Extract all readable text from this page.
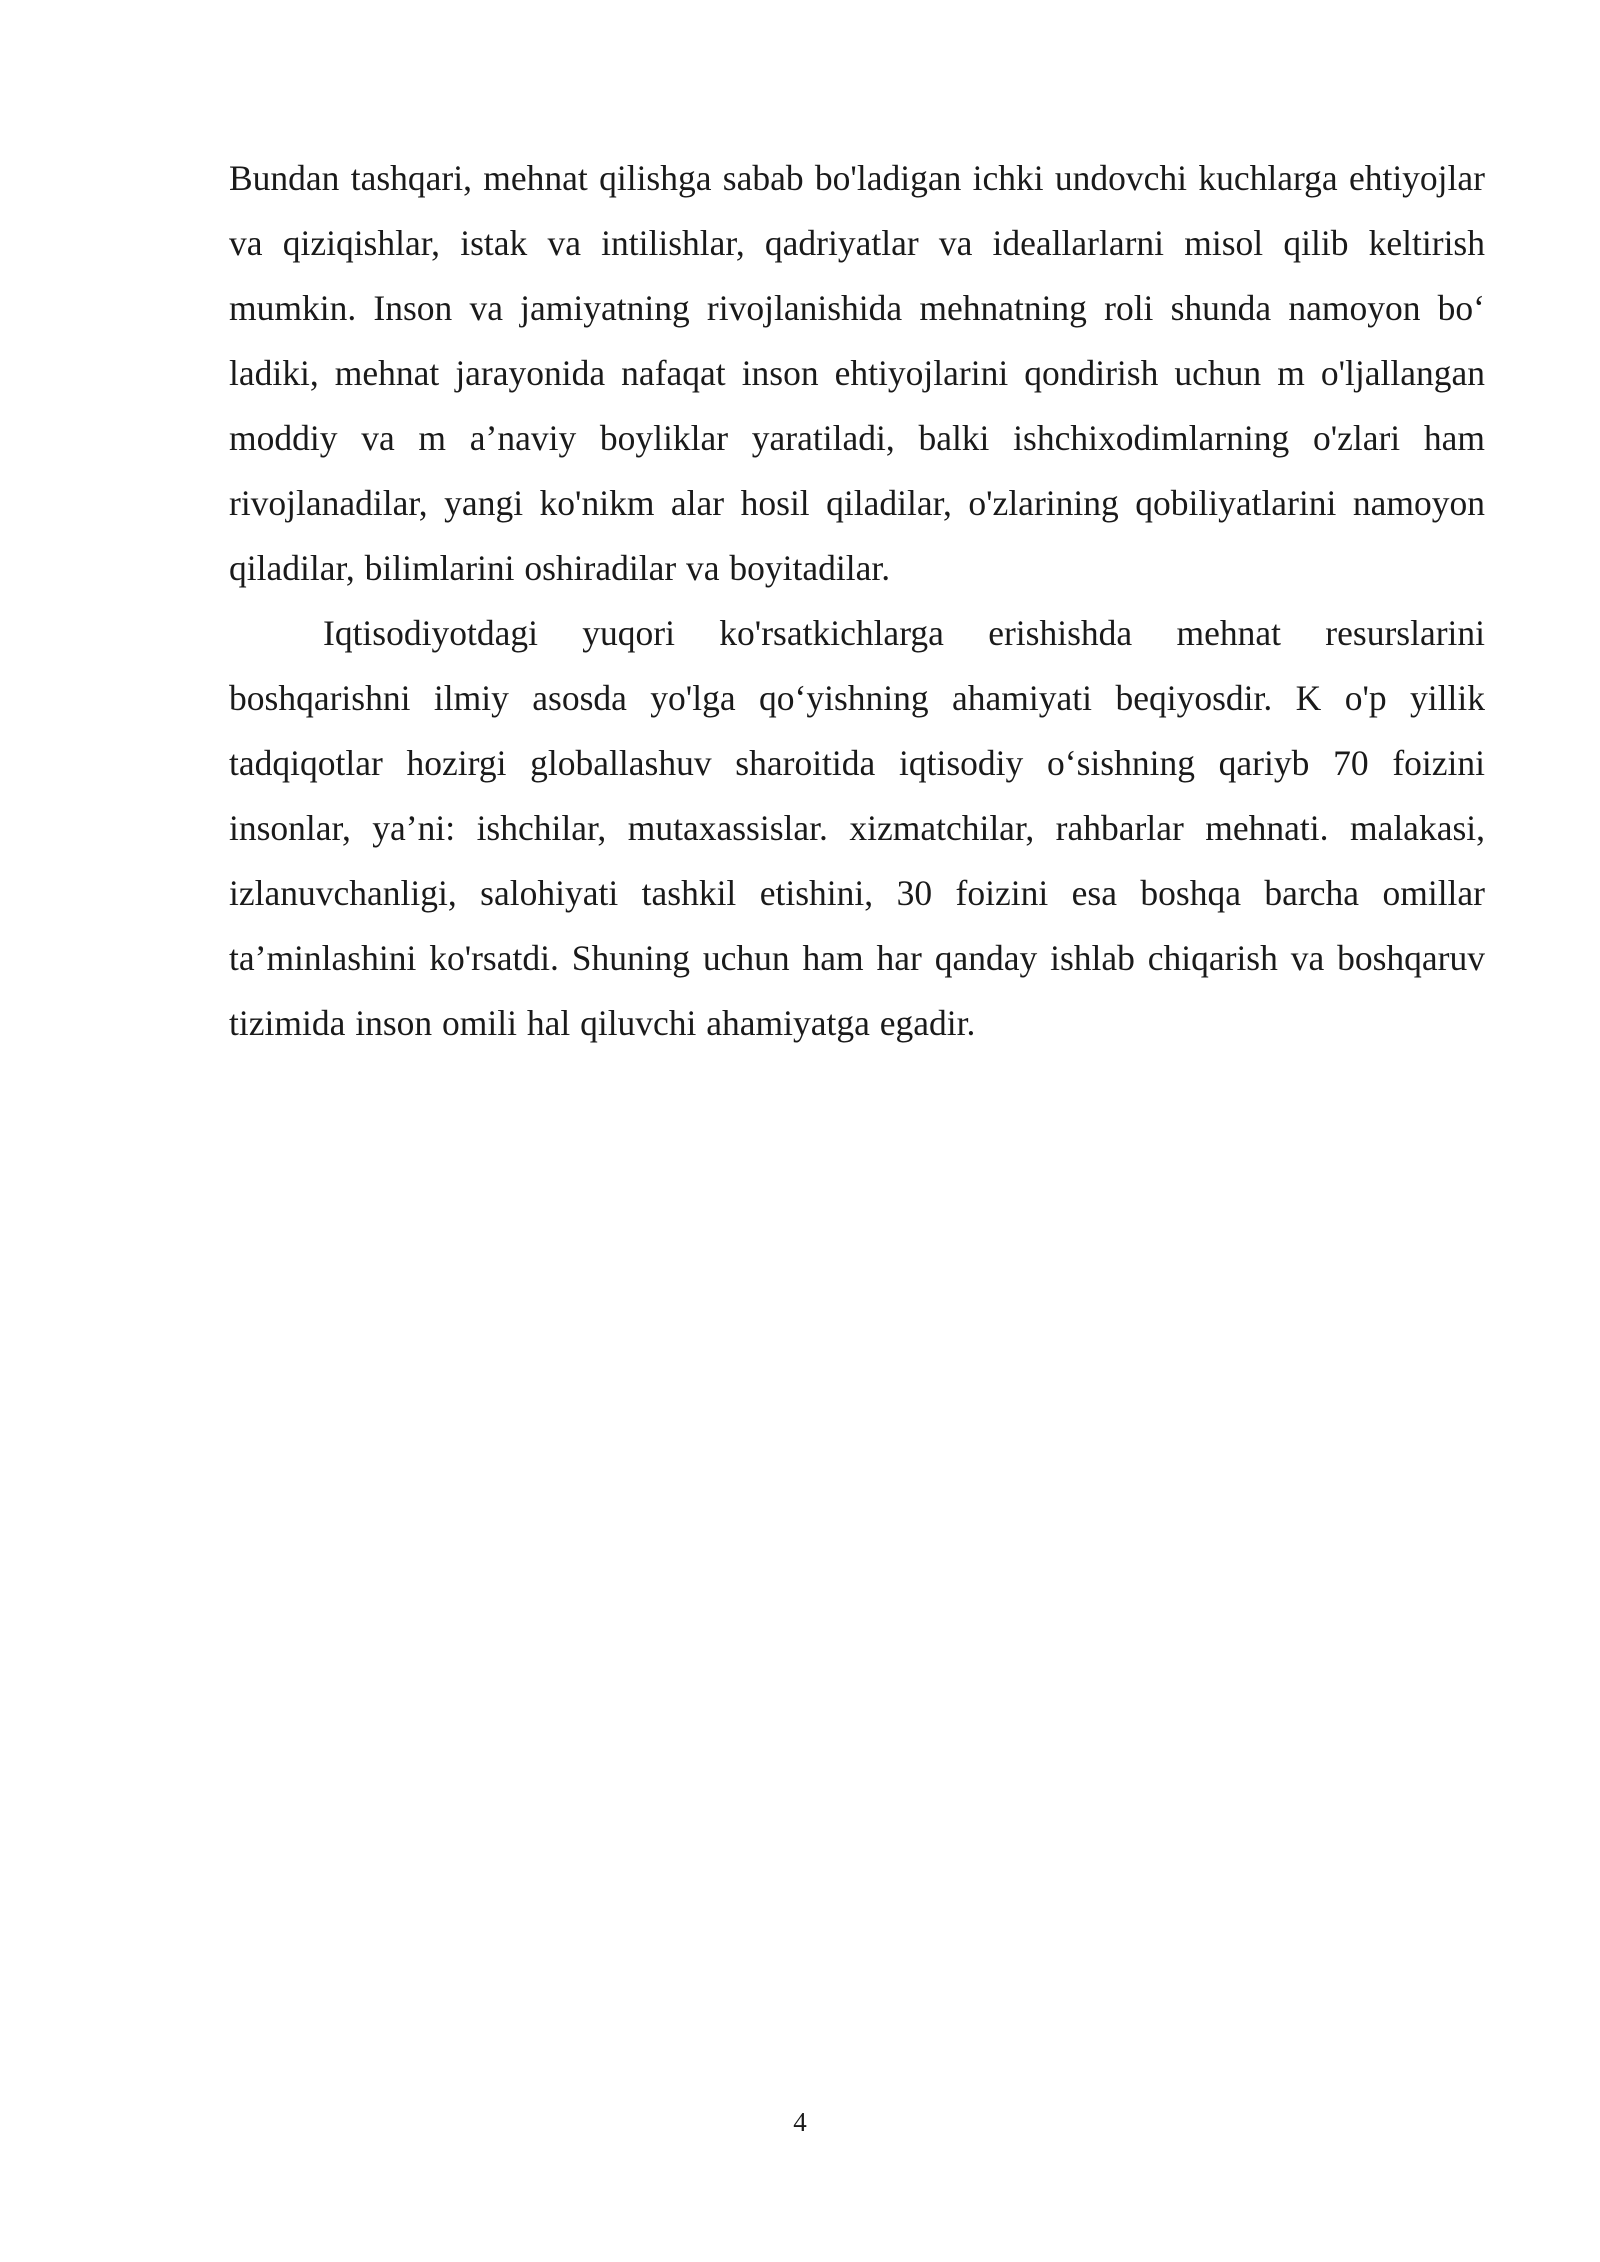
Bundan tashqari, mehnat qilishga sabab bo'ladigan ichki undovchi kuchlarga ehtiyojlar va qiziqishlar, istak va intilishlar, qadriyatlar va ideallarlarni misol qilib keltirish mumkin. Inson va jamiyatning rivojlanishida mehnatning roli shunda namoyon bo‘ ladiki, mehnat jarayonida nafaqat inson ehtiyojlarini qondirish uchun m o'ljallangan moddiy va m a’naviy boyliklar yaratiladi, balki ishchixodimlarning o'zlari ham rivojlanadilar, yangi ko'nikm alar hosil qiladilar, o'zlarining qobiliyatlarini namoyon qiladilar, bilimlarini oshiradilar va boyitadilar.

Iqtisodiyotdagi yuqori ko'rsatkichlarga erishishda mehnat resurslarini boshqarishni ilmiy asosda yo'lga qo‘yishning ahamiyati beqiyosdir. K o'p yillik tadqiqotlar hozirgi globallashuv sharoitida iqtisodiy o‘sishning qariyb 70 foizini insonlar, ya’ni: ishchilar, mutaxassislar. xizmatchilar, rahbarlar mehnati. malakasi, izlanuvchanligi, salohiyati tashkil etishini, 30 foizini esa boshqa barcha omillar ta’minlashini ko'rsatdi. Shuning uchun ham har qanday ishlab chiqarish va boshqaruv tizimida inson omili hal qiluvchi ahamiyatga egadir.

4
